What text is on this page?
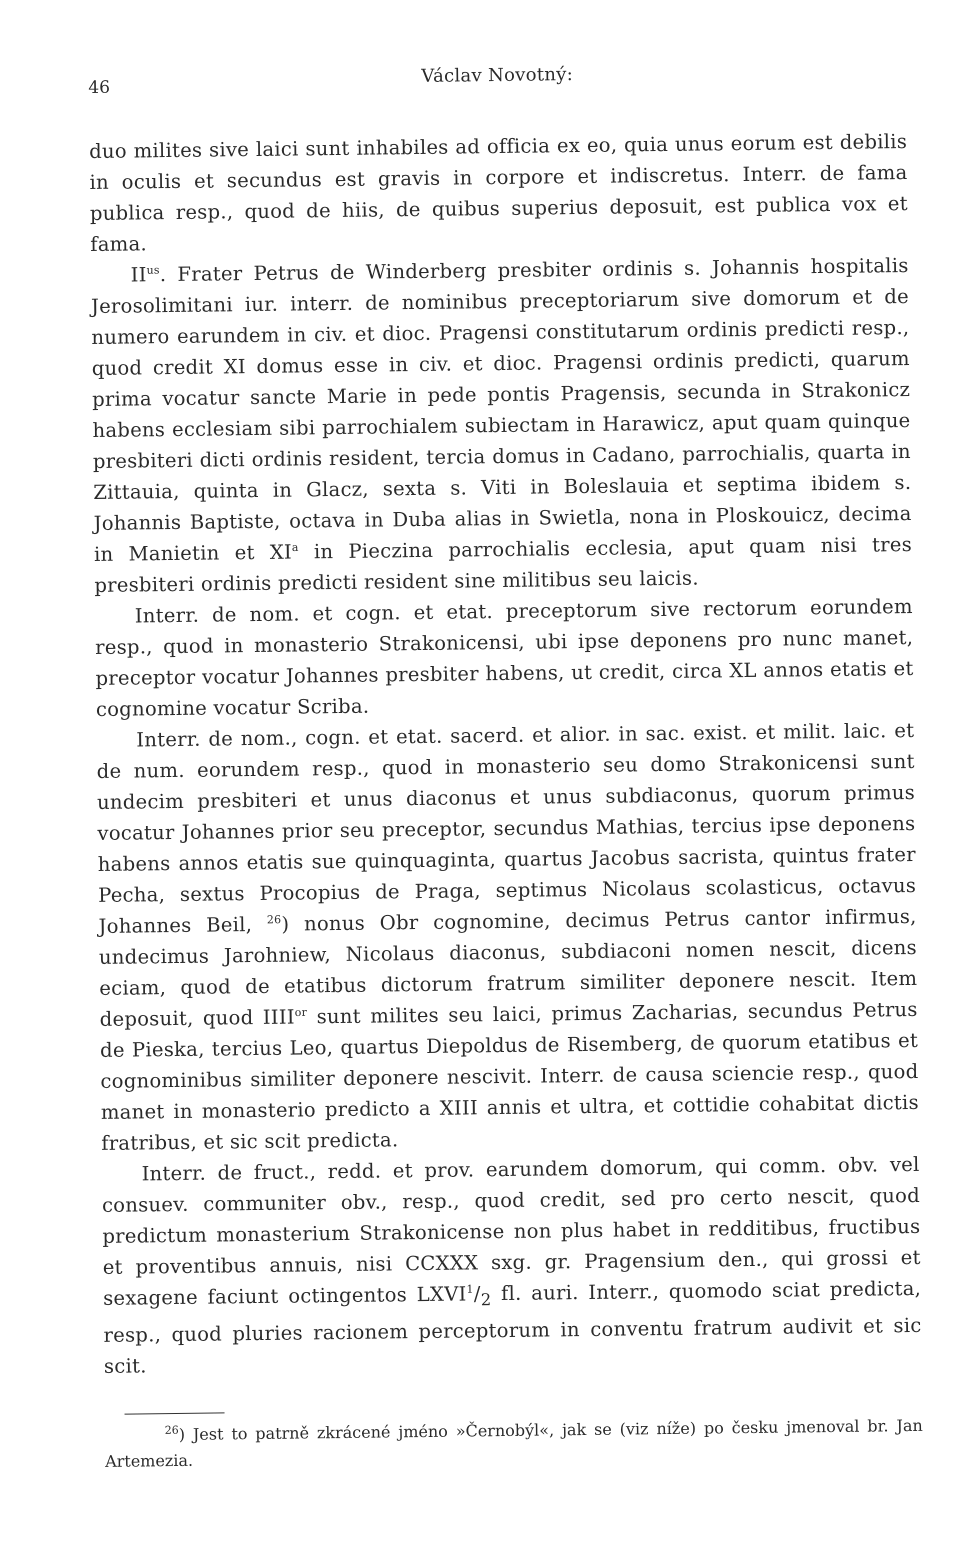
46
Václav Novotný:

duo milites sive laici sunt inhabiles ad officia ex eo, quia unus eorum est debilis in oculis et secundus est gravis in corpore et indiscretus. Interr. de fama publica resp., quod de hiis, de quibus superius deposuit, est publica vox et fama.

$II^{us}$. Frater Petrus de Winderberg presbiter ordinis s. Johannis hospitalis Jerosolimitani iur. interr. de nominibus preceptoriarum sive domorum et de numero earundem in civ. et dioc. Pragensi constitutarum ordinis predicti resp., quod credit XI domus esse in civ. et dioc. Pragensi ordinis predicti, quarum prima vocatur sancte Marie in pede pontis Pragensis, secunda in Strakonicz habens ecclesiam sibi parrochialem subiectam in Harawicz, aput quam quinque presbiteri dicti ordinis resident, tercia domus in Cadano, parrochialis, quarta in Zittauia, quinta in Glacz, sexta s. Viti in Boleslauia et septima ibidem s. Johannis Baptiste, octava in Duba alias in Swietla, nona in Ploskouicz, decima in Manietin et $XI^a$ in Pieczina parrochialis ecclesia, aput quam nisi tres presbiteri ordinis predicti resident sine militibus seu laicis.

Interr. de nom. et cogn. et etat. preceptorum sive rectorum eorundem resp., quod in monasterio Strakonicensi, ubi ipse deponens pro nunc manet, preceptor vocatur Johannes presbiter habens, ut credit, circa XL annos etatis et cognomine vocatur Scriba.

Interr. de nom., cogn. et etat. sacerd. et alior. in sac. exist. et milit. laic. et de num. eorundem resp., quod in monasterio seu domo Strakonicensi sunt undecim presbiteri et unus diaconus et unus subdiaconus, quorum primus vocatur Johannes prior seu preceptor, secundus Mathias, tercius ipse deponens habens annos etatis sue quinquaginta, quartus Jacobus sacrista, quintus frater Pecha, sextus Procopius de Praga, septimus Nicolaus scolasticus, octavus Johannes Beil, $^{26}$) nonus Obr cognomine, decimus Petrus cantor infirmus, undecimus Jarohniew, Nicolaus diaconus, subdiaconi nomen nescit, dicens eciam, quod de etatibus dictorum fratrum similiter deponere nescit. Item deposuit, quod $IIII^{or}$ sunt milites seu laici, primus Zacharias, secundus Petrus de Pieska, tercius Leo, quartus Diepoldus de Risemberg, de quorum etatibus et cognominibus similiter deponere nescivit. Interr. de causa sciencie resp., quod manet in monasterio predicto a XIII annis et ultra, et cottidie cohabitat dictis fratribus, et sic scit predicta.

Interr. de fruct., redd. et prov. earundem domorum, qui comm. obv. vel consuev. communiter obv., resp., quod credit, sed pro certo nescit, quod predictum monasterium Strakonicense non plus habet in redditibus, fructibus et proventibus annuis, nisi CCXXX sxg. gr. Pragensium den., qui grossi et sexagene faciunt octingentos $LXVI^1/_2$ fl. auri. Interr., quomodo sciat predicta, resp., quod pluries racionem perceptorum in conventu fratrum audivit et sic scit.

$^{26}$) Jest to patrně zkrácené jméno »Černobýl«, jak se (viz níže) po česku jmenoval br. Jan Artemezia.
